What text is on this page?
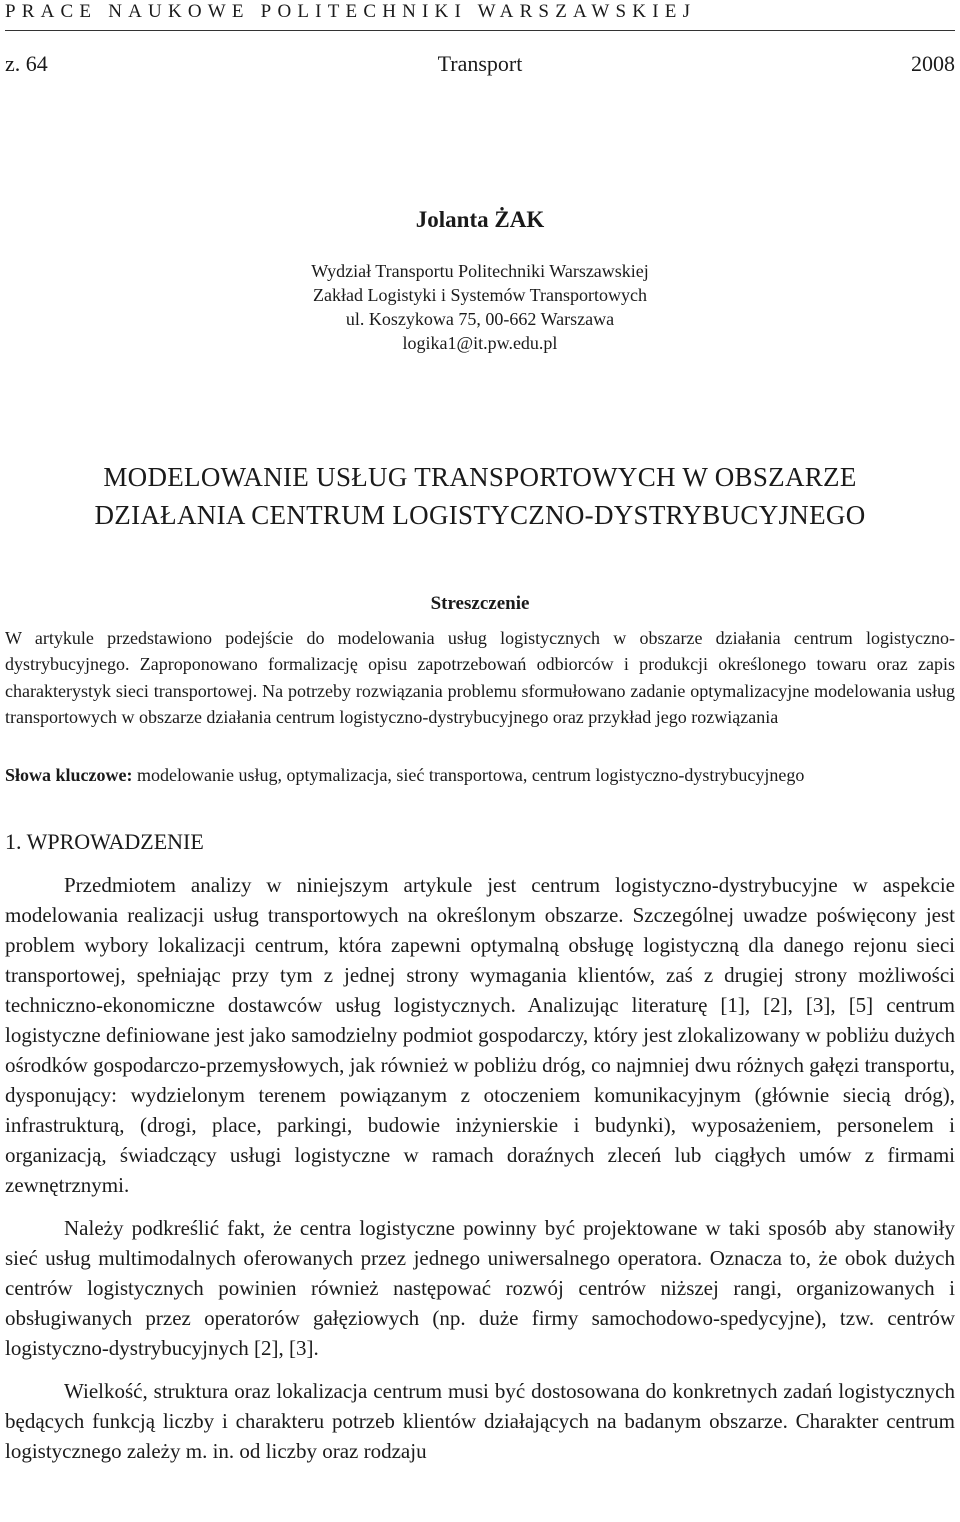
PRACE NAUKOWE POLITECHNIKI WARSZAWSKIEJ
z. 64	Transport	2008
Jolanta ŻAK
Wydział Transportu Politechniki Warszawskiej
Zakład Logistyki i Systemów Transportowych
ul. Koszykowa 75, 00-662 Warszawa
logika1@it.pw.edu.pl
MODELOWANIE USŁUG TRANSPORTOWYCH W OBSZARZE
DZIAŁANIA CENTRUM LOGISTYCZNO-DYSTRYBUCYJNEGO
Streszczenie
W artykule przedstawiono podejście do modelowania usług logistycznych w obszarze działania centrum logistyczno-dystrybucyjnego. Zaproponowano formalizację opisu zapotrzebowań odbiorców i produkcji określonego towaru oraz zapis charakterystyk sieci transportowej. Na potrzeby rozwiązania problemu sformułowano zadanie optymalizacyjne modelowania usług transportowych w obszarze działania centrum logistyczno-dystrybucyjnego oraz przykład jego rozwiązania
Słowa kluczowe: modelowanie usług, optymalizacja, sieć transportowa, centrum logistyczno-dystrybucyjnego
1. WPROWADZENIE

Przedmiotem analizy w niniejszym artykule jest centrum logistyczno-dystrybucyjne w aspekcie modelowania realizacji usług transportowych na określonym obszarze. Szczególnej uwadze poświęcony jest problem wybory lokalizacji centrum, która zapewni optymalną obsługę logistyczną dla danego rejonu sieci transportowej, spełniając przy tym z jednej strony wymagania klientów, zaś z drugiej strony możliwości techniczno-ekonomiczne dostawców usług logistycznych. Analizując literaturę [1], [2], [3], [5] centrum logistyczne definiowane jest jako samodzielny podmiot gospodarczy, który jest zlokalizowany w pobliżu dużych ośrodków gospodarczo-przemysłowych, jak również w pobliżu dróg, co najmniej dwu różnych gałęzi transportu, dysponujący: wydzielonym terenem powiązanym z otoczeniem komunikacyjnym (głównie siecią dróg), infrastrukturą, (drogi, place, parkingi, budowie inżynierskie i budynki), wyposażeniem, personelem i organizacją, świadczący usługi logistyczne w ramach doraźnych zleceń lub ciągłych umów z firmami zewnętrznymi.

Należy podkreślić fakt, że centra logistyczne powinny być projektowane w taki sposób aby stanowiły sieć usług multimodalnych oferowanych przez jednego uniwersalnego operatora. Oznacza to, że obok dużych centrów logistycznych powinien również następować rozwój centrów niższej rangi, organizowanych i obsługiwanych przez operatorów gałęziowych (np. duże firmy samochodowo-spedycyjne), tzw. centrów logistyczno-dystrybucyjnych [2], [3].

Wielkość, struktura oraz lokalizacja centrum musi być dostosowana do konkretnych zadań logistycznych będących funkcją liczby i charakteru potrzeb klientów działających na badanym obszarze. Charakter centrum logistycznego zależy m. in. od liczby oraz rodzaju
